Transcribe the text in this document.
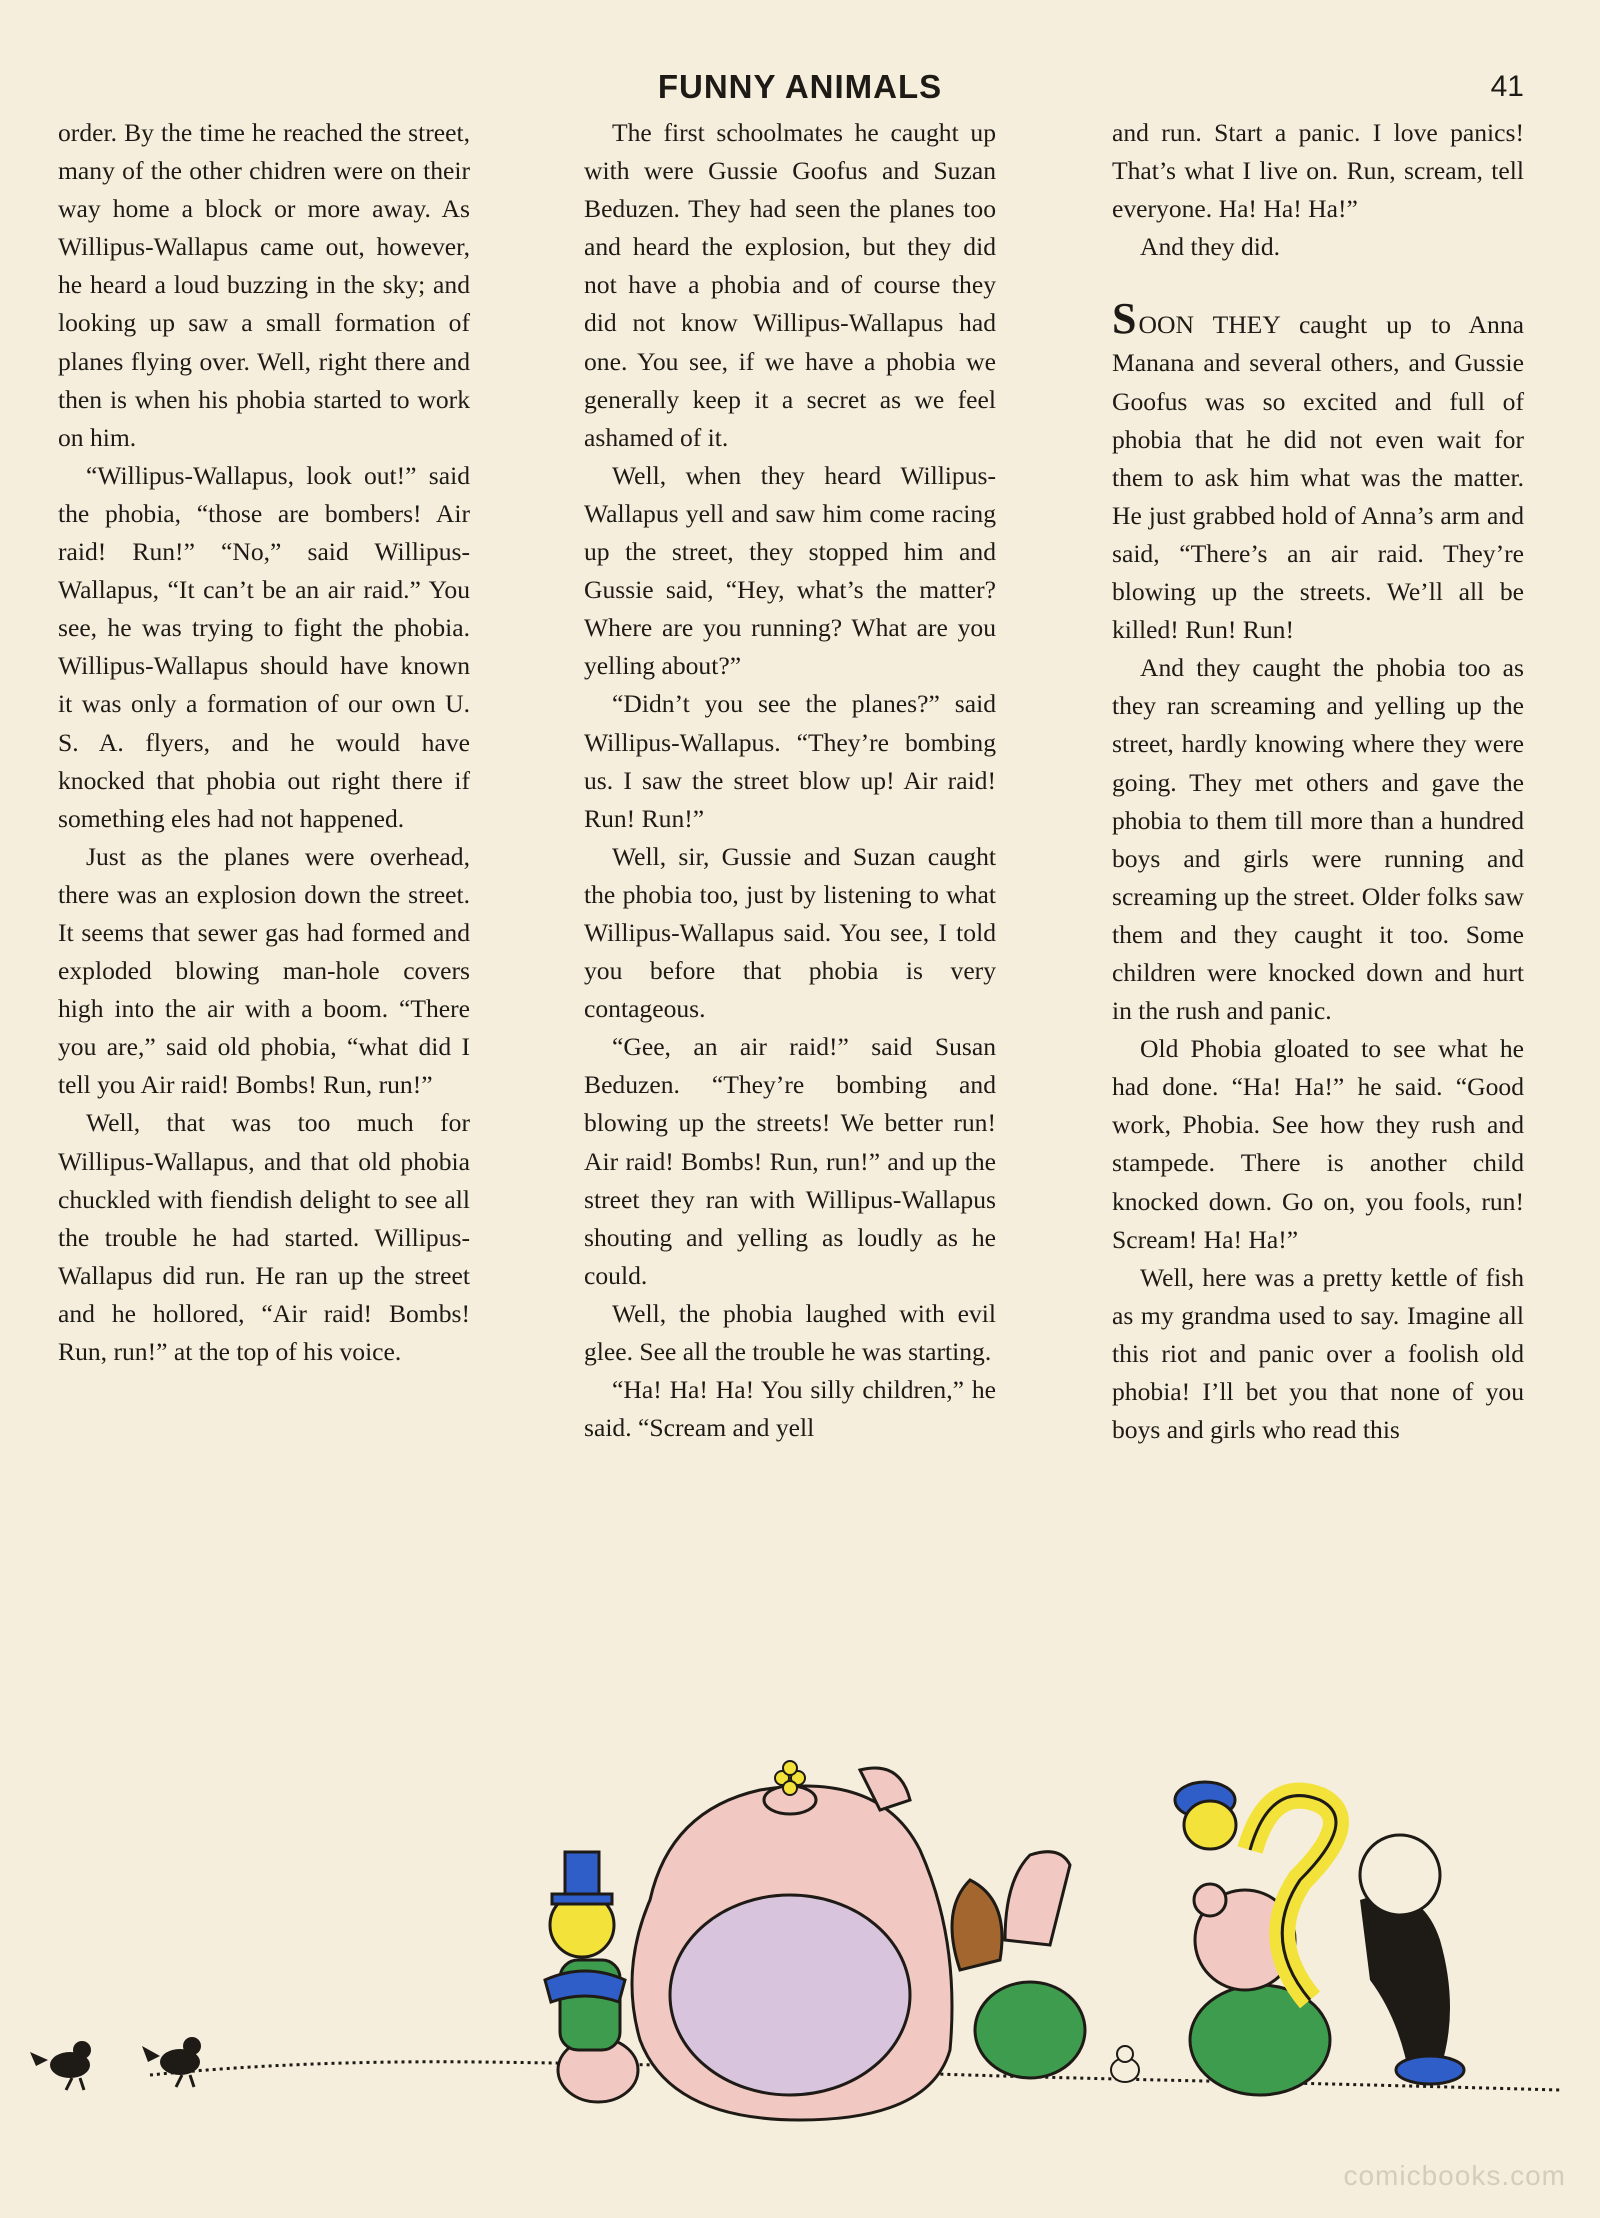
FUNNY ANIMALS	41

order. By the time he reached the street, many of the other chidren were on their way home a block or more away. As Willipus-Wallapus came out, however, he heard a loud buzzing in the sky; and looking up saw a small formation of planes flying over. Well, right there and then is when his phobia started to work on him.

“Willipus-Wallapus, look out!” said the phobia, “those are bombers! Air raid! Run!” “No,” said Willipus-Wallapus, “It can’t be an air raid.” You see, he was trying to fight the phobia. Willipus-Wallapus should have known it was only a formation of our own U. S. A. flyers, and he would have knocked that phobia out right there if something eles had not happened.

Just as the planes were overhead, there was an explosion down the street. It seems that sewer gas had formed and exploded blowing man-hole covers high into the air with a boom. “There you are,” said old phobia, “what did I tell you Air raid! Bombs! Run, run!”

Well, that was too much for Willipus-Wallapus, and that old phobia chuckled with fiendish delight to see all the trouble he had started. Willipus-Wallapus did run. He ran up the street and he hollored, “Air raid! Bombs! Run, run!” at the top of his voice.

The first schoolmates he caught up with were Gussie Goofus and Suzan Beduzen. They had seen the planes too and heard the explosion, but they did not have a phobia and of course they did not know Willipus-Wallapus had one. You see, if we have a phobia we generally keep it a secret as we feel ashamed of it.

Well, when they heard Willipus-Wallapus yell and saw him come racing up the street, they stopped him and Gussie said, “Hey, what’s the matter? Where are you running? What are you yelling about?”

“Didn’t you see the planes?” said Willipus-Wallapus. “They’re bombing us. I saw the street blow up! Air raid! Run! Run!”

Well, sir, Gussie and Suzan caught the phobia too, just by listening to what Willipus-Wallapus said. You see, I told you before that phobia is very contageous.

“Gee, an air raid!” said Susan Beduzen. “They’re bombing and blowing up the streets! We better run! Air raid! Bombs! Run, run!” and up the street they ran with Willipus-Wallapus shouting and yelling as loudly as he could.

Well, the phobia laughed with evil glee. See all the trouble he was starting.

“Ha! Ha! Ha! You silly children,” he said. “Scream and yell

and run. Start a panic. I love panics! That’s what I live on. Run, scream, tell everyone. Ha! Ha! Ha!”

And they did.

SOON THEY caught up to Anna Manana and several others, and Gussie Goofus was so excited and full of phobia that he did not even wait for them to ask him what was the matter. He just grabbed hold of Anna’s arm and said, “There’s an air raid. They’re blowing up the streets. We’ll all be killed! Run! Run!

And they caught the phobia too as they ran screaming and yelling up the street, hardly knowing where they were going. They met others and gave the phobia to them till more than a hundred boys and girls were running and screaming up the street. Older folks saw them and they caught it too. Some children were knocked down and hurt in the rush and panic.

Old Phobia gloated to see what he had done. “Ha! Ha!” he said. “Good work, Phobia. See how they rush and stampede. There is another child knocked down. Go on, you fools, run! Scream! Ha! Ha!”

Well, here was a pretty kettle of fish as my grandma used to say. Imagine all this riot and panic over a foolish old phobia! I’ll bet you that none of you boys and girls who read this

comicbooks.com
